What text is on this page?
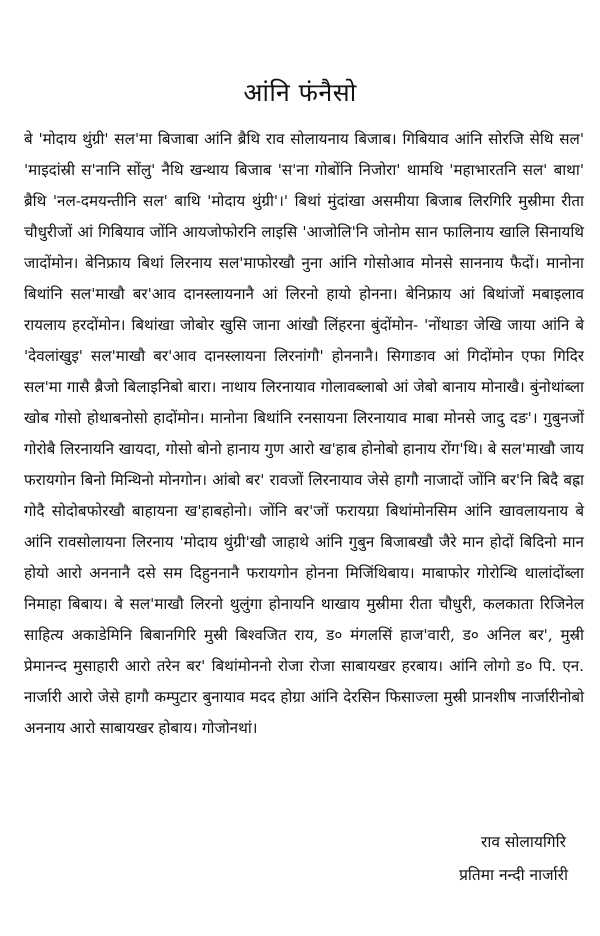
आंनि फंनैसो

बे 'मोदाय थुंग्री' सल'मा बिजाबा आंनि ब्रैथि राव सोलायनाय बिजाब। गिबियाव आंनि सोरजि सेथि सल' 'माइदांस्री स'नानि सोंलु' नैथि खन्थाय बिजाब 'स'ना गोबोंनि निजोरा' थामथि 'महाभारतनि सल' बाथा' ब्रैथि 'नल-दमयन्तीनि सल' बाथि 'मोदाय थुंग्री'।' बिथां मुंदांखा असमीया बिजाब लिरगिरि मुस्रीमा रीता चौधुरीजों आं गिबियाव जोंनि आयजोफोरनि लाइसि 'आजोलि'नि जोनोम सान फालिनाय खालि सिनायथि जादोंमोन। बेनिफ्राय बिथां लिरनाय सल'माफोरखौ नुना आंनि गोसोआव मोनसे साननाय फैदों। मानोना बिथांनि सल'माखौ बर'आव दानस्लायनानै आं लिरनो हायो होनना। बेनिफ्राय आं बिथांजों मबाइलाव रायलाय हरदोंमोन। बिथांखा जोबोर खुसि जाना आंखौ लिंहरना बुंदोंमोन- 'नोंथाङा जेखि जाया आंनि बे 'देवलांखुइ' सल'माखौ बर'आव दानस्लायना लिरनांगौ' होननानै। सिगाङाव आं गिदोंमोन एफा गिदिर सल'मा गासै ब्रैजो बिलाइनिबो बारा। नाथाय लिरनायाव गोलावब्लाबो आं जेबो बानाय मोनाखै। बुंनोथांब्ला खोब गोसो होथाबनोसो हादोंमोन। मानोना बिथांनि रनसायना लिरनायाव माबा मोनसे जादु दङ'। गुबुनजों गोरोबै लिरनायनि खायदा, गोसो बोनो हानाय गुण आरो ख'हाब होनोबो हानाय रोंग'थि। बे सल'माखौ जाय फरायगोन बिनो मिन्थिनो मोनगोन। आंबो बर' रावजों लिरनायाव जेसे हागौ नाजादों जोंनि बर'नि बिदै बह्रा गोदै सोदोबफोरखौ बाहायना ख'हाबहोनो। जोंनि बर'जों फरायग्रा बिथांमोनसिम आंनि खावलायनाय बे आंनि रावसोलायना लिरनाय 'मोदाय थुंग्री'खौ जाहाथे आंनि गुबुन बिजाबखौ जैरे मान होदों बिदिनो मान होयो आरो अननानै दसे सम दिहुननानै फरायगोन होनना मिजिंथिबाय। माबाफोर गोरोन्थि थालांदोंब्ला निमाहा बिबाय। बे सल'माखौ लिरनो थुलुंगा होनायनि थाखाय मुस्रीमा रीता चौधुरी, कलकाता रिजिनेल साहित्य अकाडेमिनि बिबानगिरि मुस्री बिश्वजित राय, ड० मंगलसिं हाज'वारी, ड० अनिल बर', मुस्री प्रेमानन्द मुसाहारी आरो तरेन बर' बिथांमोननो रोजा रोजा साबायखर हरबाय। आंनि लोगो ड० पि. एन. नार्जारी आरो जेसे हागौ कम्पुटार बुनायाव मदद होग्रा आंनि देरसिन फिसाज्ला मुस्री प्रानशीष नार्जारीनोबो अननाय आरो साबायखर होबाय। गोजोनथां।

राव सोलायगिरि
प्रतिमा नन्दी नार्जारी
